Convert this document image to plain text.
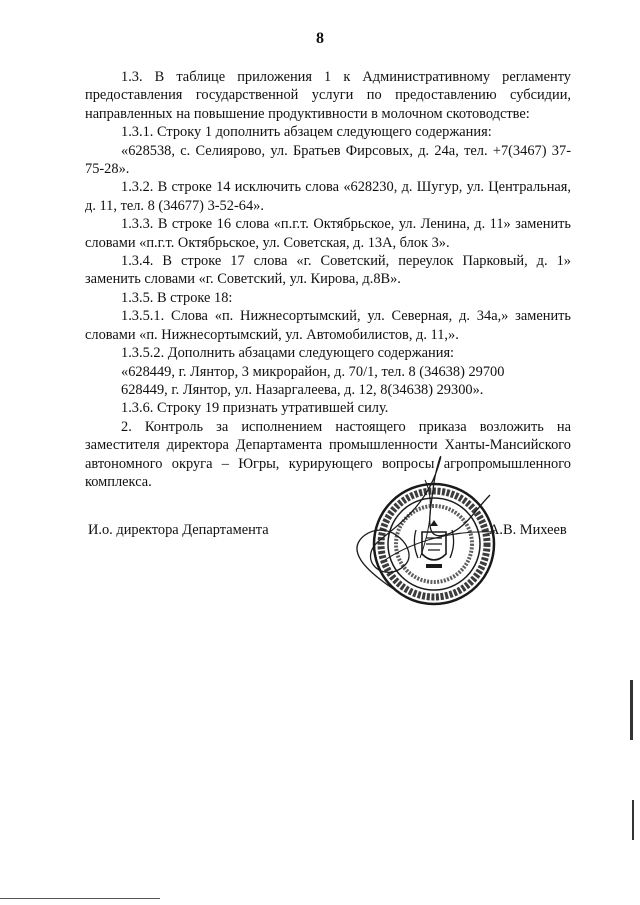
8

1.3. В таблице приложения 1 к Административному регламенту предоставления государственной услуги по предоставлению субсидии, направленных на повышение продуктивности в молочном скотоводстве:

1.3.1. Строку 1 дополнить абзацем следующего содержания:

«628538, с. Селиярово, ул. Братьев Фирсовых, д. 24а, тел. +7(3467) 37-75-28».

1.3.2. В строке 14 исключить слова «628230, д. Шугур, ул. Центральная, д. 11, тел. 8 (34677) 3-52-64».

1.3.3. В строке 16 слова «п.г.т. Октябрьское, ул. Ленина, д. 11» заменить словами «п.г.т. Октябрьское, ул. Советская, д. 13А, блок 3».

1.3.4. В строке 17 слова «г. Советский, переулок Парковый, д. 1» заменить словами «г. Советский, ул. Кирова, д.8В».

1.3.5. В строке 18:

1.3.5.1. Слова «п. Нижнесортымский, ул. Северная, д. 34а,» заменить словами «п. Нижнесортымский, ул. Автомобилистов, д. 11,».

1.3.5.2. Дополнить абзацами следующего содержания:

«628449, г. Лянтор, 3 микрорайон, д. 70/1, тел. 8 (34638) 29700

628449, г. Лянтор, ул. Назаргалеева, д. 12, 8(34638) 29300».

1.3.6. Строку 19 признать утратившей силу.

2. Контроль за исполнением настоящего приказа возложить на заместителя директора Департамента промышленности Ханты-Мансийского автономного округа – Югры, курирующего вопросы агропромышленного комплекса.

И.о. директора Департамента	А.В. Михеев
